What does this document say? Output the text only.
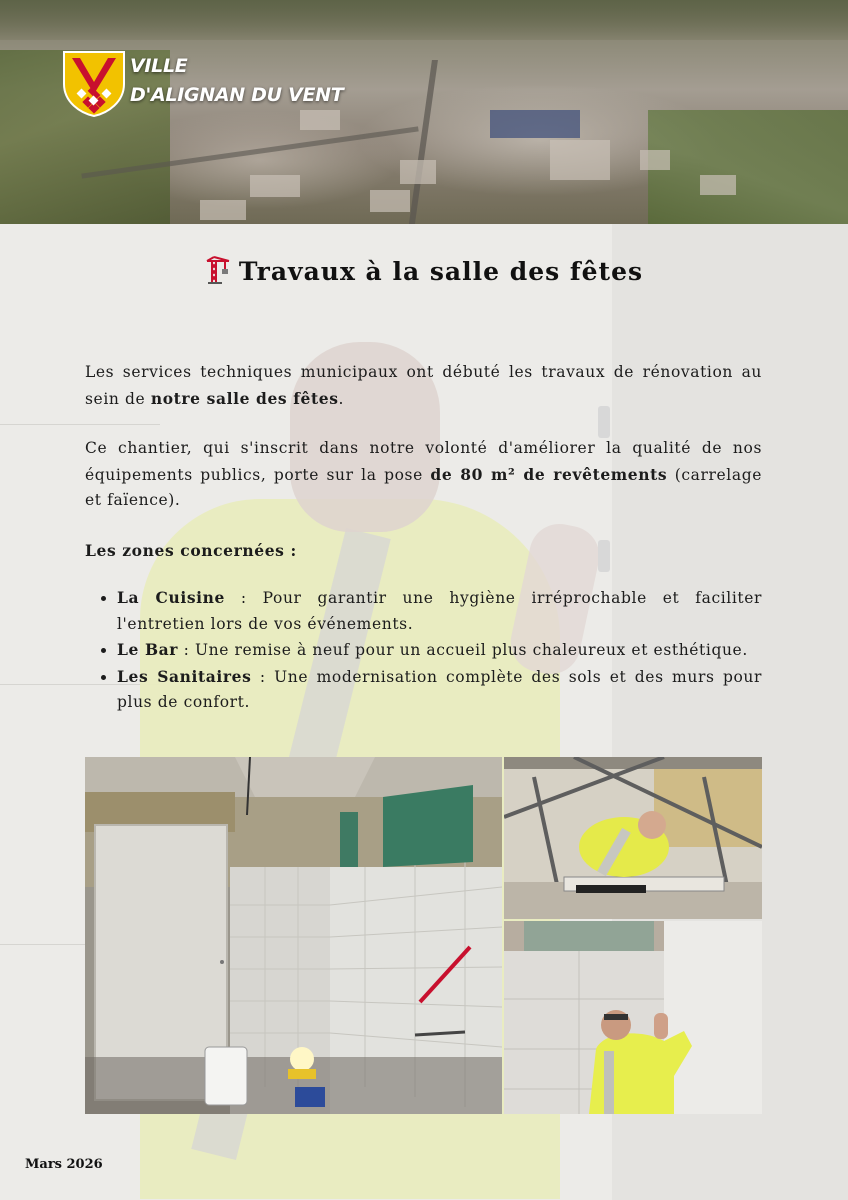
VILLE
D'ALIGNAN DU VENT
Travaux à la salle des fêtes

Les services techniques municipaux ont débuté les travaux de rénovation au sein de notre salle des fêtes.

Ce chantier, qui s'inscrit dans notre volonté d'améliorer la qualité de nos équipements publics, porte sur la pose de 80 m² de revêtements (carrelage et faïence).

Les zones concernées :
• La Cuisine : Pour garantir une hygiène irréprochable et faciliter l'entretien lors de vos événements.
• Le Bar : Une remise à neuf pour un accueil plus chaleureux et esthétique.
• Les Sanitaires : Une modernisation complète des sols et des murs pour plus de confort.
Mars 2026
